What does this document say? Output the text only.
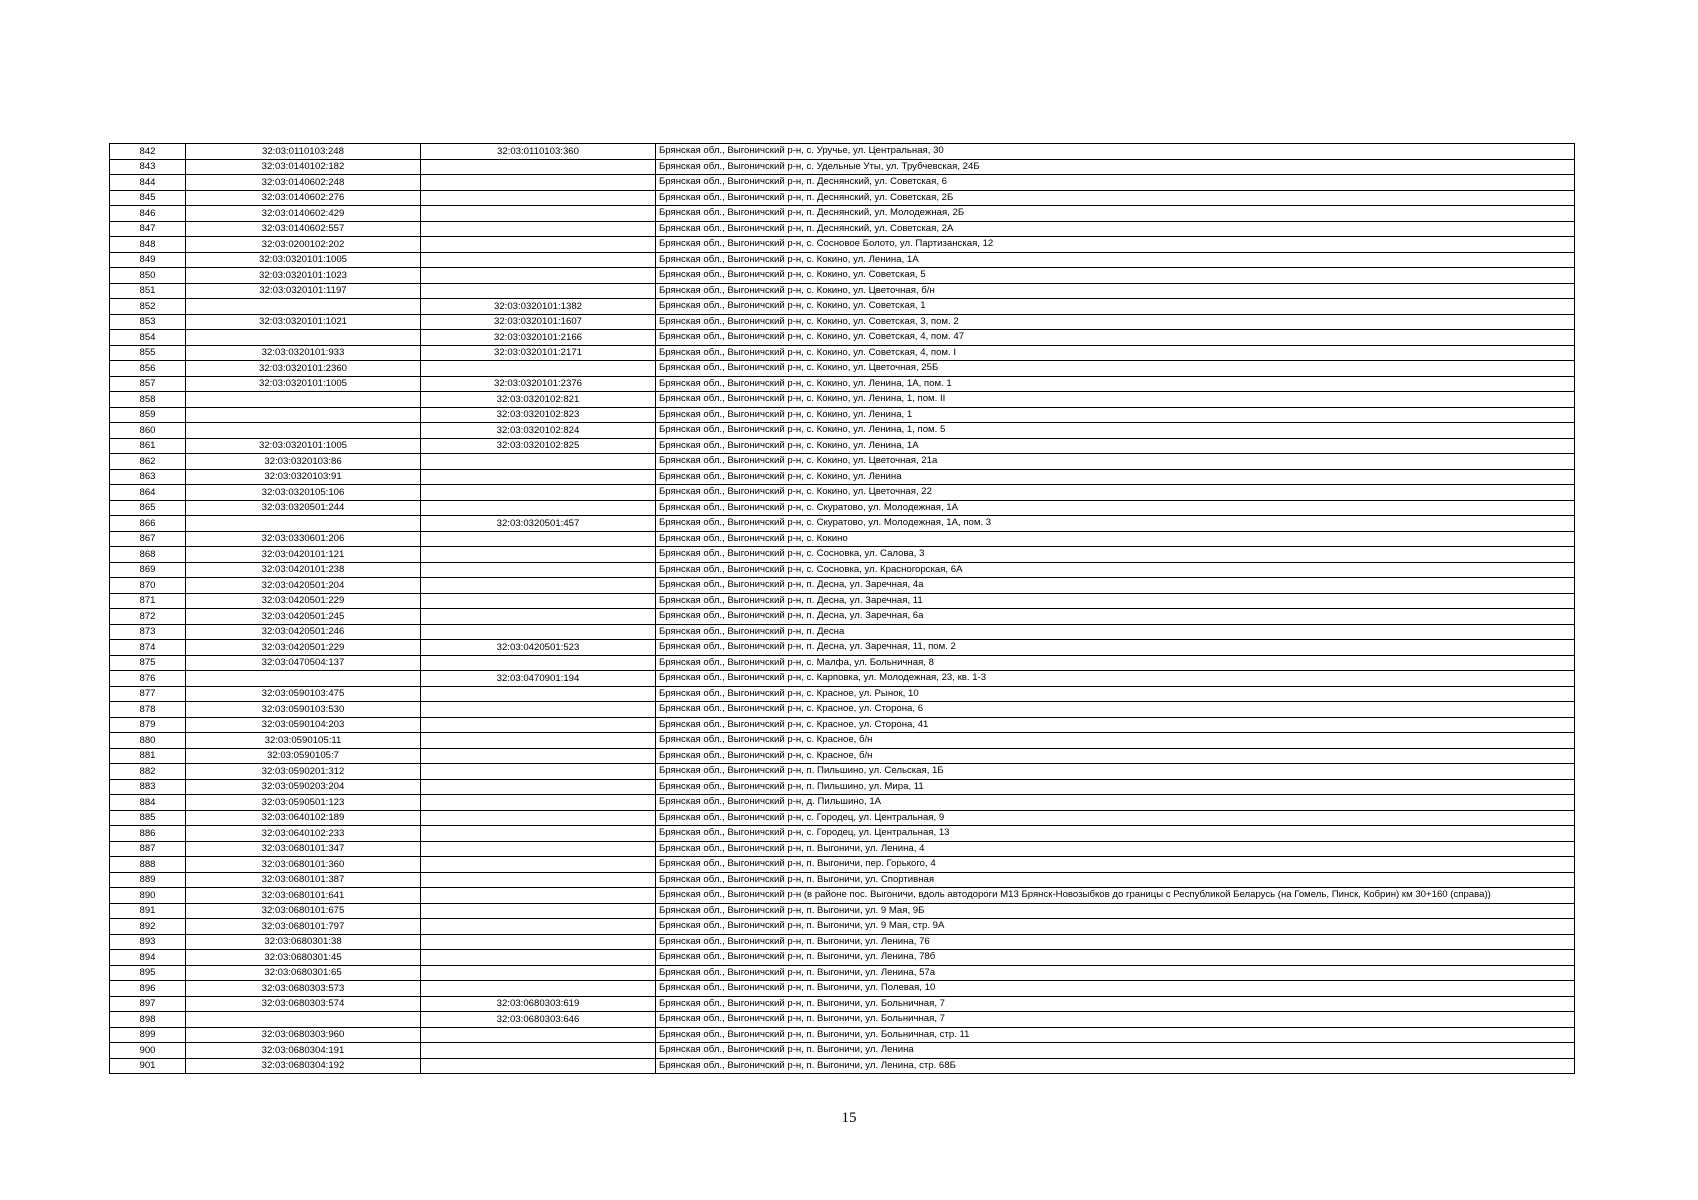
842	32:03:0110103:248	32:03:0110103:360	Брянская обл., Выгоничский р-н, с. Уручье, ул. Центральная, 30
843	32:03:0140102:182		Брянская обл., Выгоничский р-н, с. Удельные Уты, ул. Трубчевская, 24Б
844	32:03:0140602:248		Брянская обл., Выгоничский р-н, п. Деснянский, ул. Советская, 6
845	32:03:0140602:276		Брянская обл., Выгоничский р-н, п. Деснянский, ул. Советская, 2Б
846	32:03:0140602:429		Брянская обл., Выгоничский р-н, п. Деснянский, ул. Молодежная, 2Б
847	32:03:0140602:557		Брянская обл., Выгоничский р-н, п. Деснянский, ул. Советская, 2А
848	32:03:0200102:202		Брянская обл., Выгоничский р-н, с. Сосновое Болото, ул. Партизанская, 12
849	32:03:0320101:1005		Брянская обл., Выгоничский р-н, с. Кокино, ул. Ленина, 1А
850	32:03:0320101:1023		Брянская обл., Выгоничский р-н, с. Кокино, ул. Советская, 5
851	32:03:0320101:1197		Брянская обл., Выгоничский р-н, с. Кокино, ул. Цветочная, б/н
852		32:03:0320101:1382	Брянская обл., Выгоничский р-н, с. Кокино, ул. Советская, 1
853	32:03:0320101:1021	32:03:0320101:1607	Брянская обл., Выгоничский р-н, с. Кокино, ул. Советская, 3, пом. 2
854		32:03:0320101:2166	Брянская обл., Выгоничский р-н, с. Кокино, ул. Советская, 4, пом. 47
855	32:03:0320101:933	32:03:0320101:2171	Брянская обл., Выгоничский р-н, с. Кокино, ул. Советская, 4, пом. I
856	32:03:0320101:2360		Брянская обл., Выгоничский р-н, с. Кокино, ул. Цветочная, 25Б
857	32:03:0320101:1005	32:03:0320101:2376	Брянская обл., Выгоничский р-н, с. Кокино, ул. Ленина, 1А, пом. 1
858		32:03:0320102:821	Брянская обл., Выгоничский р-н, с. Кокино, ул. Ленина, 1, пом. II
859		32:03:0320102:823	Брянская обл., Выгоничский р-н, с. Кокино, ул. Ленина, 1
860		32:03:0320102:824	Брянская обл., Выгоничский р-н, с. Кокино, ул. Ленина, 1, пом. 5
861	32:03:0320101:1005	32:03:0320102:825	Брянская обл., Выгоничский р-н, с. Кокино, ул. Ленина, 1А
862	32:03:0320103:86		Брянская обл., Выгоничский р-н, с. Кокино, ул. Цветочная, 21а
863	32:03:0320103:91		Брянская обл., Выгоничский р-н, с. Кокино, ул. Ленина
864	32:03:0320105:106		Брянская обл., Выгоничский р-н, с. Кокино, ул. Цветочная, 22
865	32:03:0320501:244		Брянская обл., Выгоничский р-н, с. Скуратово, ул. Молодежная, 1А
866		32:03:0320501:457	Брянская обл., Выгоничский р-н, с. Скуратово, ул. Молодежная, 1А, пом. 3
867	32:03:0330601:206		Брянская обл., Выгоничский р-н, с. Кокино
868	32:03:0420101:121		Брянская обл., Выгоничский р-н, с. Сосновка, ул. Салова, 3
869	32:03:0420101:238		Брянская обл., Выгоничский р-н, с. Сосновка, ул. Красногорская, 6А
870	32:03:0420501:204		Брянская обл., Выгоничский р-н, п. Десна, ул. Заречная, 4а
871	32:03:0420501:229		Брянская обл., Выгоничский р-н, п. Десна, ул. Заречная, 11
872	32:03:0420501:245		Брянская обл., Выгоничский р-н, п. Десна, ул. Заречная, 6а
873	32:03:0420501:246		Брянская обл., Выгоничский р-н, п. Десна
874	32:03:0420501:229	32:03:0420501:523	Брянская обл., Выгоничский р-н, п. Десна, ул. Заречная, 11, пом. 2
875	32:03:0470504:137		Брянская обл., Выгоничский р-н, с. Малфа, ул. Больничная, 8
876		32:03:0470901:194	Брянская обл., Выгоничский р-н, с. Карповка, ул. Молодежная, 23, кв. 1-3
877	32:03:0590103:475		Брянская обл., Выгоничский р-н, с. Красное, ул. Рынок, 10
878	32:03:0590103:530		Брянская обл., Выгоничский р-н, с. Красное, ул. Сторона, 6
879	32:03:0590104:203		Брянская обл., Выгоничский р-н, с. Красное, ул. Сторона, 41
880	32:03:0590105:11		Брянская обл., Выгоничский р-н, с. Красное, б/н
881	32:03:0590105:7		Брянская обл., Выгоничский р-н, с. Красное, б/н
882	32:03:0590201:312		Брянская обл., Выгоничский р-н, п. Пильшино, ул. Сельская, 1Б
883	32:03:0590203:204		Брянская обл., Выгоничский р-н, п. Пильшино, ул. Мира, 11
884	32:03:0590501:123		Брянская обл., Выгоничский р-н, д. Пильшино, 1А
885	32:03:0640102:189		Брянская обл., Выгоничский р-н, с. Городец, ул. Центральная, 9
886	32:03:0640102:233		Брянская обл., Выгоничский р-н, с. Городец, ул. Центральная, 13
887	32:03:0680101:347		Брянская обл., Выгоничский р-н, п. Выгоничи, ул. Ленина, 4
888	32:03:0680101:360		Брянская обл., Выгоничский р-н, п. Выгоничи, пер. Горького, 4
889	32:03:0680101:387		Брянская обл., Выгоничский р-н, п. Выгоничи, ул. Спортивная
890	32:03:0680101:641		Брянская обл., Выгоничский р-н (в районе пос. Выгоничи, вдоль автодороги М13 Брянск-Новозыбков до границы с Республикой Беларусь (на Гомель, Пинск, Кобрин) км 30+160 (справа))
891	32:03:0680101:675		Брянская обл., Выгоничский р-н, п. Выгоничи, ул. 9 Мая, 9Б
892	32:03:0680101:797		Брянская обл., Выгоничский р-н, п. Выгоничи, ул. 9 Мая, стр. 9А
893	32:03:0680301:38		Брянская обл., Выгоничский р-н, п. Выгоничи, ул. Ленина, 76
894	32:03:0680301:45		Брянская обл., Выгоничский р-н, п. Выгоничи, ул. Ленина, 78б
895	32:03:0680301:65		Брянская обл., Выгоничский р-н, п. Выгоничи, ул. Ленина, 57а
896	32:03:0680303:573		Брянская обл., Выгоничский р-н, п. Выгоничи, ул. Полевая, 10
897	32:03:0680303:574	32:03:0680303:619	Брянская обл., Выгоничский р-н, п. Выгоничи, ул. Больничная, 7
898		32:03:0680303:646	Брянская обл., Выгоничский р-н, п. Выгоничи, ул. Больничная, 7
899	32:03:0680303:960		Брянская обл., Выгоничский р-н, п. Выгоничи, ул. Больничная, стр. 11
900	32:03:0680304:191		Брянская обл., Выгоничский р-н, п. Выгоничи, ул. Ленина
901	32:03:0680304:192		Брянская обл., Выгоничский р-н, п. Выгоничи, ул. Ленина, стр. 68Б
15
